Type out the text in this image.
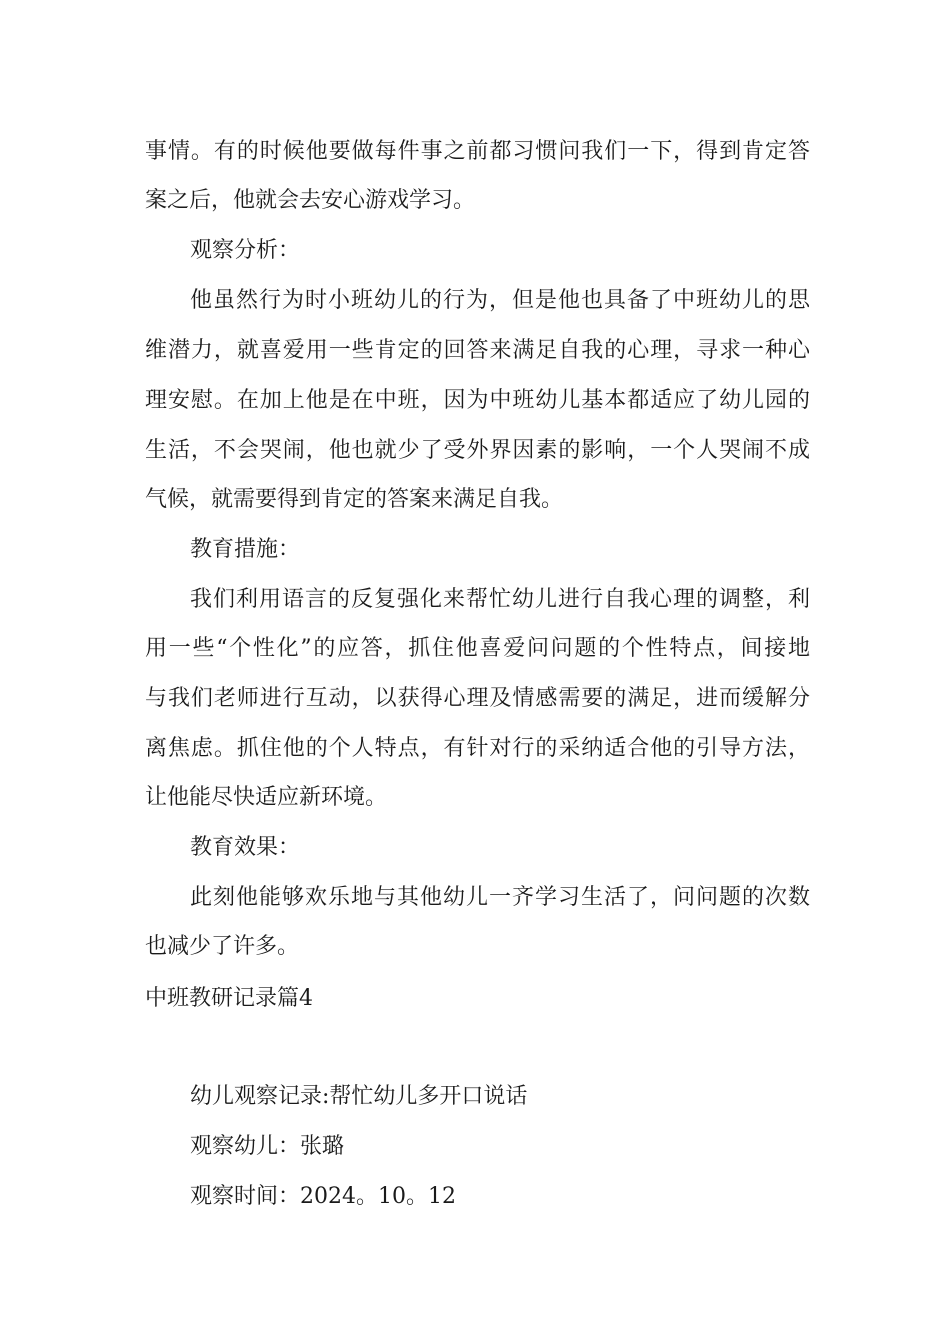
事情。有的时候他要做每件事之前都习惯问我们一下，得到肯定答
案之后，他就会去安心游戏学习。
观察分析：
他虽然行为时小班幼儿的行为，但是他也具备了中班幼儿的思
维潜力，就喜爱用一些肯定的回答来满足自我的心理，寻求一种心
理安慰。在加上他是在中班，因为中班幼儿基本都适应了幼儿园的
生活，不会哭闹，他也就少了受外界因素的影响，一个人哭闹不成
气候，就需要得到肯定的答案来满足自我。
教育措施：
我们利用语言的反复强化来帮忙幼儿进行自我心理的调整，利
用一些“个性化”的应答，抓住他喜爱问问题的个性特点，间接地
与我们老师进行互动，以获得心理及情感需要的满足，进而缓解分
离焦虑。抓住他的个人特点，有针对行的采纳适合他的引导方法，
让他能尽快适应新环境。
教育效果：
此刻他能够欢乐地与其他幼儿一齐学习生活了，问问题的次数
也减少了许多。
中班教研记录篇4
幼儿观察记录:帮忙幼儿多开口说话
观察幼儿：张璐
观察时间：2024。10。12
